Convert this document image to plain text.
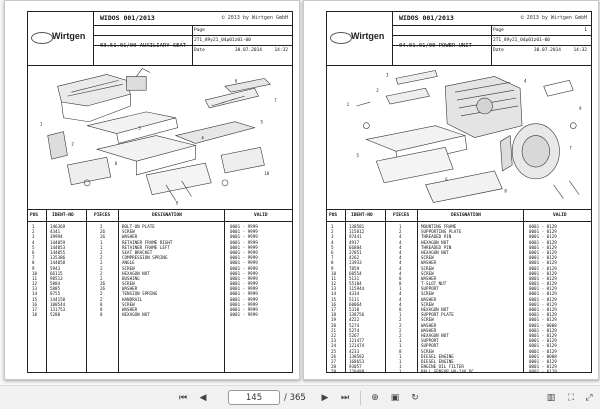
Wirtgen
WIDOS 001/2013	© 2013 by Wirtgen GmbH
Page
2T1_89y21_04p01z01-00
Date	30.07.2014	14:32
03.51.01/00 AUXILIARY SEAT
1
2
3
4
5
6
7
8
9
10
POS	IDENT-NO	PIECES	DESIGNATION	VALID
1	146369	2	BOLT-ON PLATE	0001 - 9999
2	4341	26	SCREW	0001 - 9999
3	39994	26	WASHER	0001 - 9999
4	144059	1	RETAINER FRAME RIGHT	0001 - 9999
5	144053	1	RETAINER FRAME LEFT	0001 - 9999
6	144055	2	SEAT BRACKET	0001 - 9999
7	135386	2	COMPRESSION SPRING	0001 - 9999
8	144058	2	ANGLE	0001 - 9999
9	5943	2	SCREW	0001 - 9999
10	66115	2	HEXAGON NUT	0001 - 9999
11	98513	2	BUSHING	0001 - 9999
12	5884	26	SCREW	0001 - 9999
13	5885	26	WASHER	0001 - 9999
14	8755	2	TENSION SPRING	0001 - 9999
15	144158	2	HANDRAIL	0001 - 9999
16	100544	8	SCREW	0001 - 9999
17	131753	8	WASHER	0001 - 9999
18	5288	8	HEXAGON NUT	0001 - 9999
Wirtgen
WIDOS 001/2013	© 2013 by Wirtgen GmbH
Page	1
2T1_89y21_04p01z01-00
Date	30.07.2014	14:32
04.01.01/00 POWER UNIT
1
2
3
4
5
6
7
8
9
POS	IDENT-NO	PIECES	DESIGNATION	VALID
1	138581	1	MOUNTING FRAME	0001 - 0129
2	115812	2	SUPPORTING PLATE	0001 - 0129
3	97441	4	THREADED PIN	0001 - 0129
4	4917	4	HEXAGON NUT	0001 - 0129
5	66884	4	THREADED PIN	0001 - 0129
6	37851	4	HEXAGON NUT	0001 - 0129
7	4262	4	SCREW	0001 - 0129
8	23933	4	WASHER	0001 - 0129
9	7859	4	SCREW	0001 - 0129
10	60554	4	SCREW	0001 - 0129
11	5131	8	WASHER	0001 - 0129
12	55184	8	T-SLOT NUT	0001 - 0129
13	115944	1	SUPPORT	0001 - 0129
14	4334	4	SCREW	0001 - 0129
15	5111	4	WASHER	0001 - 0129
16	60064	4	SCREW	0001 - 0129
17	5318	8	HEXAGON NUT	0001 - 0129
18	138756	1	SUPPORT PLATE	0001 - 0129
19	4222	2	SCREW	0001 - 0129
20	5274	2	WASHER	0001 - 0008
21	5274	2	WASHER	0001 - 0129
22	5267	2	HEXAGON NUT	0001 - 0129
23	121477	1	SUPPORT	0001 - 0129
24	121474	1	SUPPORT	0001 - 0129
25	4233	8	SCREW	0001 - 0129
26	138582	1	DIESEL ENGINE	0001 - 0008
27	168653	1	DIESEL ENGINE	0001 - 0129
28	93057	1	ENGINE OIL FILTER	0001 - 0129
29	120489	1	BALL SENSOR HV-24V DC	0001 - 0129
⏮	◀	145	/ 365	▶	⏭	⊕	▣	↻	▥	⛶	⤢
